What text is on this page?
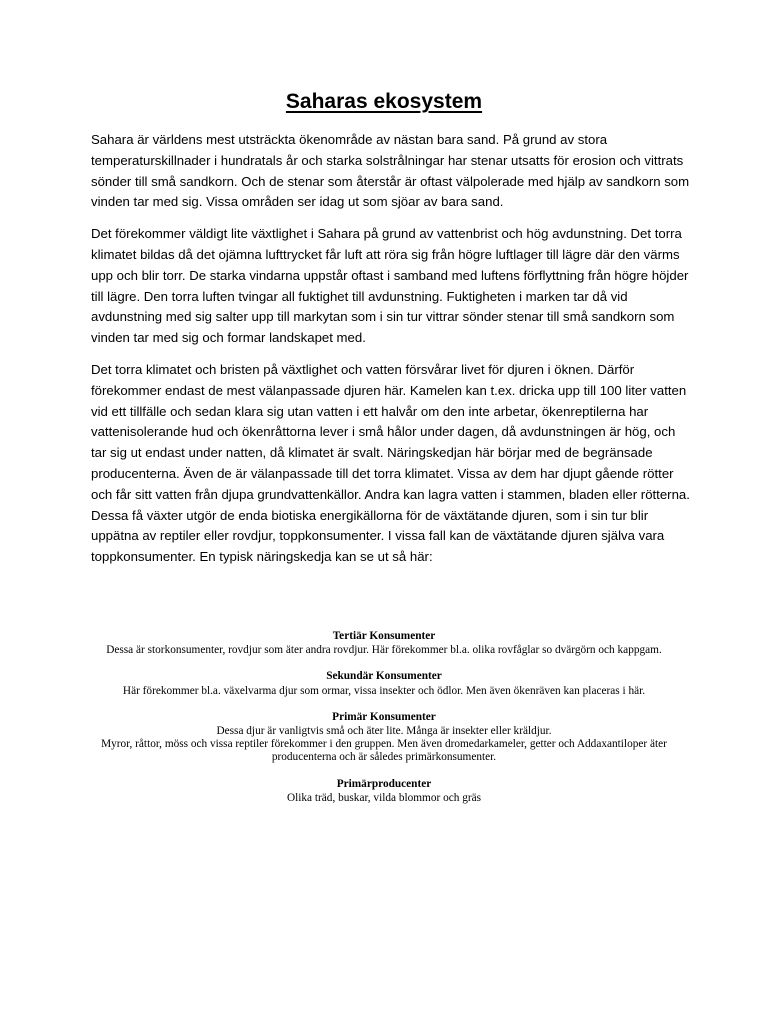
Saharas ekosystem

Sahara är världens mest utsträckta ökenområde av nästan bara sand. På grund av stora temperaturskillnader i hundratals år och starka solstrålningar har stenar utsatts för erosion och vittrats sönder till små sandkorn. Och de stenar som återstår är oftast välpolerade med hjälp av sandkorn som vinden tar med sig. Vissa områden ser idag ut som sjöar av bara sand.

Det förekommer väldigt lite växtlighet i Sahara på grund av vattenbrist och hög avdunstning. Det torra klimatet bildas då det ojämna lufttrycket får luft att röra sig från högre luftlager till lägre där den värms upp och blir torr. De starka vindarna uppstår oftast i samband med luftens förflyttning från högre höjder till lägre. Den torra luften tvingar all fuktighet till avdunstning. Fuktigheten i marken tar då vid avdunstning med sig salter upp till markytan som i sin tur vittrar sönder stenar till små sandkorn som vinden tar med sig och formar landskapet med.

Det torra klimatet och bristen på växtlighet och vatten försvårar livet för djuren i öknen. Därför förekommer endast de mest välanpassade djuren här. Kamelen kan t.ex. dricka upp till 100 liter vatten vid ett tillfälle och sedan klara sig utan vatten i ett halvår om den inte arbetar, ökenreptilerna har vattenisolerande hud och ökenråttorna lever i små hålor under dagen, då avdunstningen är hög, och tar sig ut endast under natten, då klimatet är svalt. Näringskedjan här börjar med de begränsade producenterna. Även de är välanpassade till det torra klimatet. Vissa av dem har djupt gående rötter och får sitt vatten från djupa grundvattenkällor. Andra kan lagra vatten i stammen, bladen eller rötterna. Dessa få växter utgör de enda biotiska energikällorna för de växtätande djuren, som i sin tur blir uppätna av reptiler eller rovdjur, toppkonsumenter. I vissa fall kan de växtätande djuren själva vara toppkonsumenter. En typisk näringskedja kan se ut så här:

Tertiär Konsumenter
Dessa är storkonsumenter, rovdjur som äter andra rovdjur. Här förekommer bl.a. olika rovfåglar so dvärgörn och kappgam.
Sekundär Konsumenter
Här förekommer bl.a. växelvarma djur som ormar, vissa insekter och ödlor. Men även ökenräven kan placeras i här.
Primär Konsumenter
Dessa djur är vanligtvis små och äter lite. Många är insekter eller kräldjur.
Myror, råttor, möss och vissa reptiler förekommer i den gruppen. Men även dromedarkameler, getter och Addaxantiloper äter producenterna och är således primärkonsumenter.
Primärproducenter
Olika träd, buskar, vilda blommor och gräs
